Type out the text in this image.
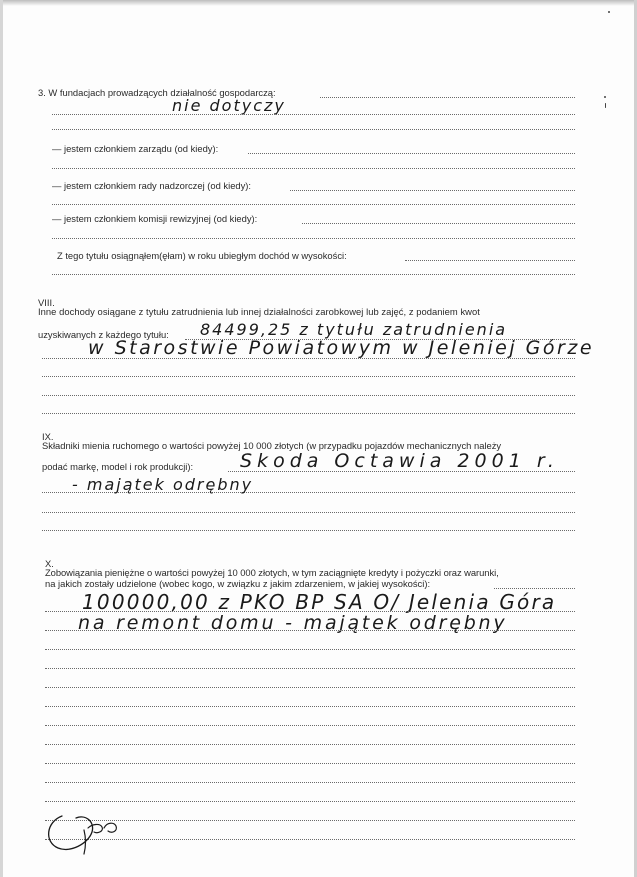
3. W fundacjach prowadzących działalność gospodarczą:
nie dotyczy
— jestem członkiem zarządu (od kiedy):
— jestem członkiem rady nadzorczej (od kiedy):
— jestem członkiem komisji rewizyjnej (od kiedy):
Z tego tytułu osiągnąłem(ęłam) w roku ubiegłym dochód w wysokości:
VIII.
Inne dochody osiągane z tytułu zatrudnienia lub innej działalności zarobkowej lub zajęć, z podaniem kwot
uzyskiwanych z każdego tytułu: 84499,25 z tytułu zatrudnienia
w Starostwie Powiatowym w Jeleniej Górze
IX.
Składniki mienia ruchomego o wartości powyżej 10 000 złotych (w przypadku pojazdów mechanicznych należy
podać markę, model i rok produkcji): Skoda Octawia 2001 r.
- majątek odrębny
X.
Zobowiązania pieniężne o wartości powyżej 10 000 złotych, w tym zaciągnięte kredyty i pożyczki oraz warunki,
na jakich zostały udzielone (wobec kogo, w związku z jakim zdarzeniem, w jakiej wysokości):
100000,00 z PKO BP SA O/ Jelenia Góra
na remont domu - majątek odrębny
